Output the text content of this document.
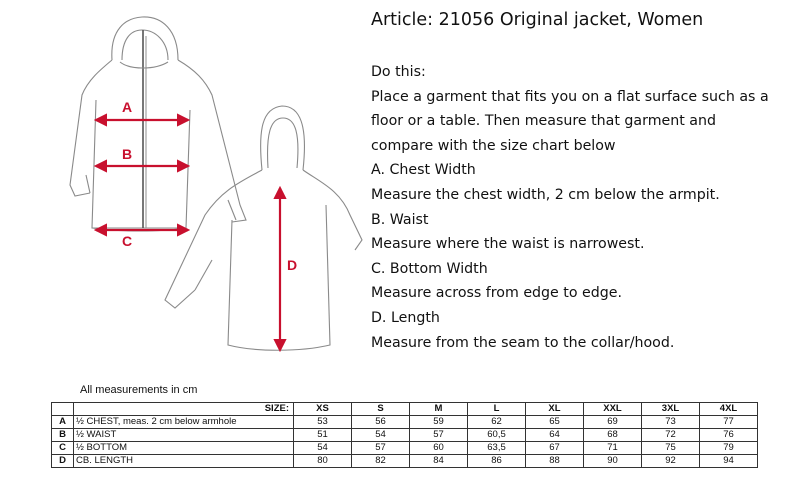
A
B
C
D
Article: 21056 Original jacket, Women
Do this:
Place a garment that fits you on a flat surface such as a
floor or a table. Then measure that garment and
compare with the size chart below
A. Chest Width
Measure the chest width, 2 cm below the armpit.
B. Waist
Measure where the waist is narrowest.
C. Bottom Width
Measure across from edge to edge.
D. Length
Measure from the seam to the collar/hood.
All measurements in cm
	SIZE:	XS	S	M	L	XL	XXL	3XL	4XL
A	½ CHEST, meas. 2 cm below armhole	53	56	59	62	65	69	73	77
B	½ WAIST	51	54	57	60,5	64	68	72	76
C	½ BOTTOM	54	57	60	63,5	67	71	75	79
D	CB. LENGTH	80	82	84	86	88	90	92	94
